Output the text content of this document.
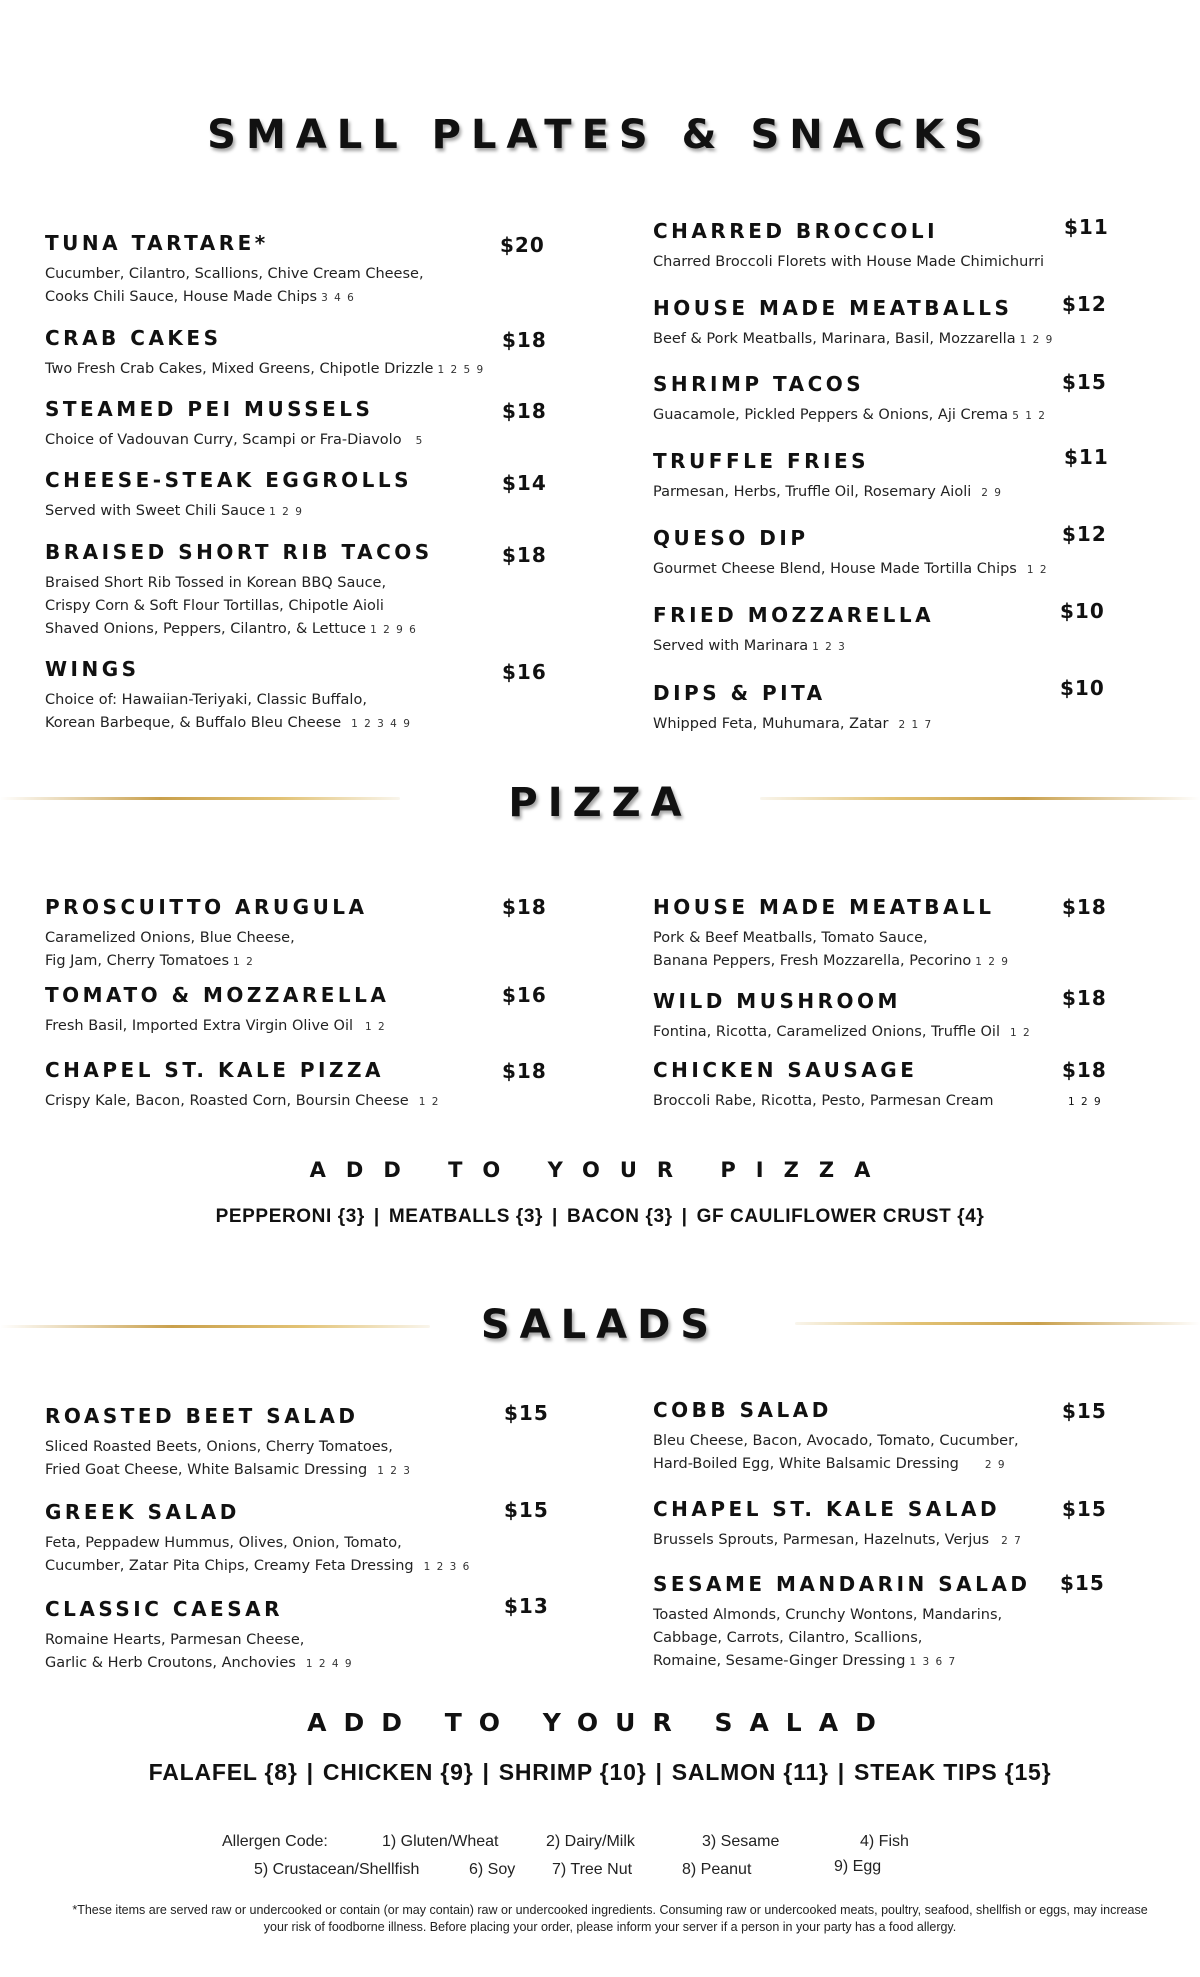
SMALL PLATES & SNACKS
PIZZA
SALADS
TUNA TARTARE*
Cucumber, Cilantro, Scallions, Chive Cream Cheese,
Cooks Chili Sauce, House Made Chips 3 4 6
$20
CRAB CAKES
Two Fresh Crab Cakes, Mixed Greens, Chipotle Drizzle 1 2 5 9
$18
STEAMED PEI MUSSELS
Choice of Vadouvan Curry, Scampi or Fra-Diavolo 5
$18
CHEESE-STEAK EGGROLLS
Served with Sweet Chili Sauce 1 2 9
$14
BRAISED SHORT RIB TACOS
Braised Short Rib Tossed in Korean BBQ Sauce,
Crispy Corn & Soft Flour Tortillas, Chipotle Aioli
Shaved Onions, Peppers, Cilantro, & Lettuce 1 2 9 6
$18
WINGS
Choice of: Hawaiian-Teriyaki, Classic Buffalo,
Korean Barbeque, & Buffalo Bleu Cheese 1 2 3 4 9
$16
CHARRED BROCCOLI
Charred Broccoli Florets with House Made Chimichurri
$11
HOUSE MADE MEATBALLS
Beef & Pork Meatballs, Marinara, Basil, Mozzarella 1 2 9
$12
SHRIMP TACOS
Guacamole, Pickled Peppers & Onions, Aji Crema 5 1 2
$15
TRUFFLE FRIES
Parmesan, Herbs, Truffle Oil, Rosemary Aioli 2 9
$11
QUESO DIP
Gourmet Cheese Blend, House Made Tortilla Chips 1 2
$12
FRIED MOZZARELLA
Served with Marinara 1 2 3
$10
DIPS & PITA
Whipped Feta, Muhumara, Zatar 2 1 7
$10
PROSCUITTO ARUGULA
Caramelized Onions, Blue Cheese,
Fig Jam, Cherry Tomatoes 1 2
$18
TOMATO & MOZZARELLA
Fresh Basil, Imported Extra Virgin Olive Oil 1 2
$16
CHAPEL ST. KALE PIZZA
Crispy Kale, Bacon, Roasted Corn, Boursin Cheese 1 2
$18
HOUSE MADE MEATBALL
Pork & Beef Meatballs, Tomato Sauce,
Banana Peppers, Fresh Mozzarella, Pecorino 1 2 9
$18
WILD MUSHROOM
Fontina, Ricotta, Caramelized Onions, Truffle Oil 1 2
$18
CHICKEN SAUSAGE
Broccoli Rabe, Ricotta, Pesto, Parmesan Cream
$18
1 2 9
ADD TO YOUR PIZZA
PEPPERONI {3} | MEATBALLS {3} | BACON {3} | GF CAULIFLOWER CRUST {4}
ROASTED BEET SALAD
Sliced Roasted Beets, Onions, Cherry Tomatoes,
Fried Goat Cheese, White Balsamic Dressing 1 2 3
$15
GREEK SALAD
Feta, Peppadew Hummus, Olives, Onion, Tomato,
Cucumber, Zatar Pita Chips, Creamy Feta Dressing 1 2 3 6
$15
CLASSIC CAESAR
Romaine Hearts, Parmesan Cheese,
Garlic & Herb Croutons, Anchovies 1 2 4 9
$13
COBB SALAD
Bleu Cheese, Bacon, Avocado, Tomato, Cucumber,
Hard-Boiled Egg, White Balsamic Dressing 2 9
$15
CHAPEL ST. KALE SALAD
Brussels Sprouts, Parmesan, Hazelnuts, Verjus 2 7
$15
SESAME MANDARIN SALAD
Toasted Almonds, Crunchy Wontons, Mandarins,
Cabbage, Carrots, Cilantro, Scallions,
Romaine, Sesame-Ginger Dressing 1 3 6 7
$15
ADD TO YOUR SALAD
FALAFEL {8} | CHICKEN {9} | SHRIMP {10} | SALMON {11} | STEAK TIPS {15}
Allergen Code:	1) Gluten/Wheat	2) Dairy/Milk	3) Sesame	4) Fish
5) Crustacean/Shellfish	6) Soy 7) Tree Nut	8) Peanut	9) Egg
*These items are served raw or undercooked or contain (or may contain) raw or undercooked ingredients. Consuming raw or undercooked meats, poultry, seafood, shellfish or eggs, may increase your risk of foodborne illness. Before placing your order, please inform your server if a person in your party has a food allergy.
